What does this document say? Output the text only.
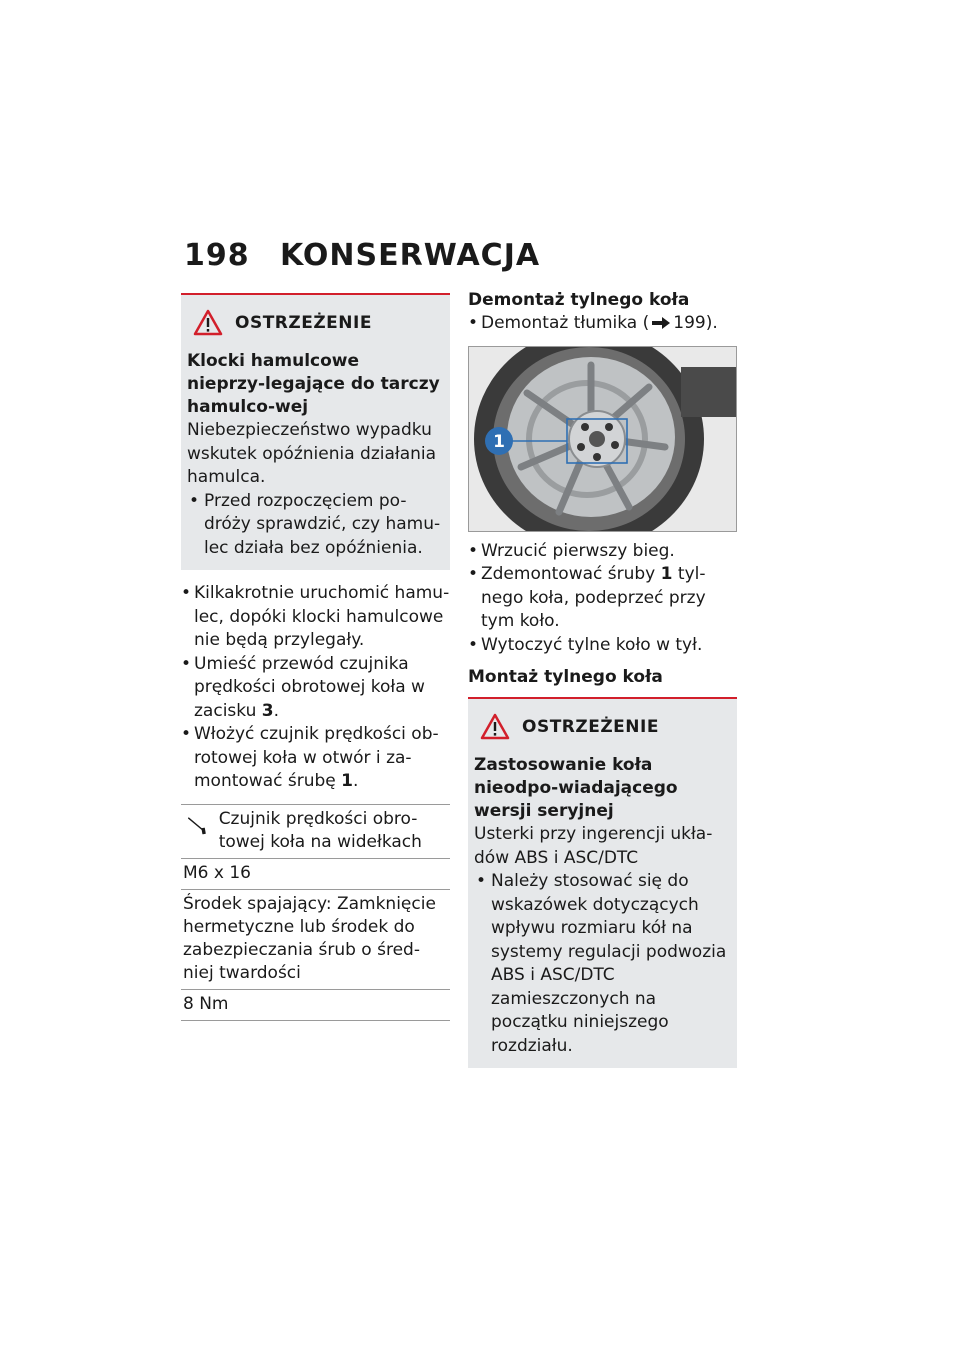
198 KONSERWACJA
OSTRZEŻENIE
Klocki hamulcowe nieprzy-legające do tarczy hamulco-wej
Niebezpieczeństwo wypadku wskutek opóźnienia działania hamulca.
• Przed rozpoczęciem po-dróży sprawdzić, czy hamu-lec działa bez opóźnienia.
• Kilkakrotnie uruchomić hamu-lec, dopóki klocki hamulcowe nie będą przylegały.
• Umieść przewód czujnika prędkości obrotowej koła w zacisku 3.
• Włożyć czujnik prędkości ob-rotowej koła w otwór i za-montować śrubę 1.
Czujnik prędkości obro-towej koła na widełkach
M6 x 16
Środek spajający: Zamknięcie hermetyczne lub środek do zabezpieczania śrub o śred-niej twardości
8 Nm
Demontaż tylnego koła
• Demontaż tłumika ( 199).
1
• Wrzucić pierwszy bieg.
• Zdemontować śruby 1 tyl-nego koła, podeprzeć przy tym koło.
• Wytoczyć tylne koło w tył.
Montaż tylnego koła
OSTRZEŻENIE
Zastosowanie koła nieodpo-wiadającego wersji seryjnej
Usterki przy ingerencji ukła-dów ABS i ASC/DTC
• Należy stosować się do wskazówek dotyczących wpływu rozmiaru kół na systemy regulacji podwozia ABS i ASC/DTC zamieszczonych na początku niniejszego rozdziału.
